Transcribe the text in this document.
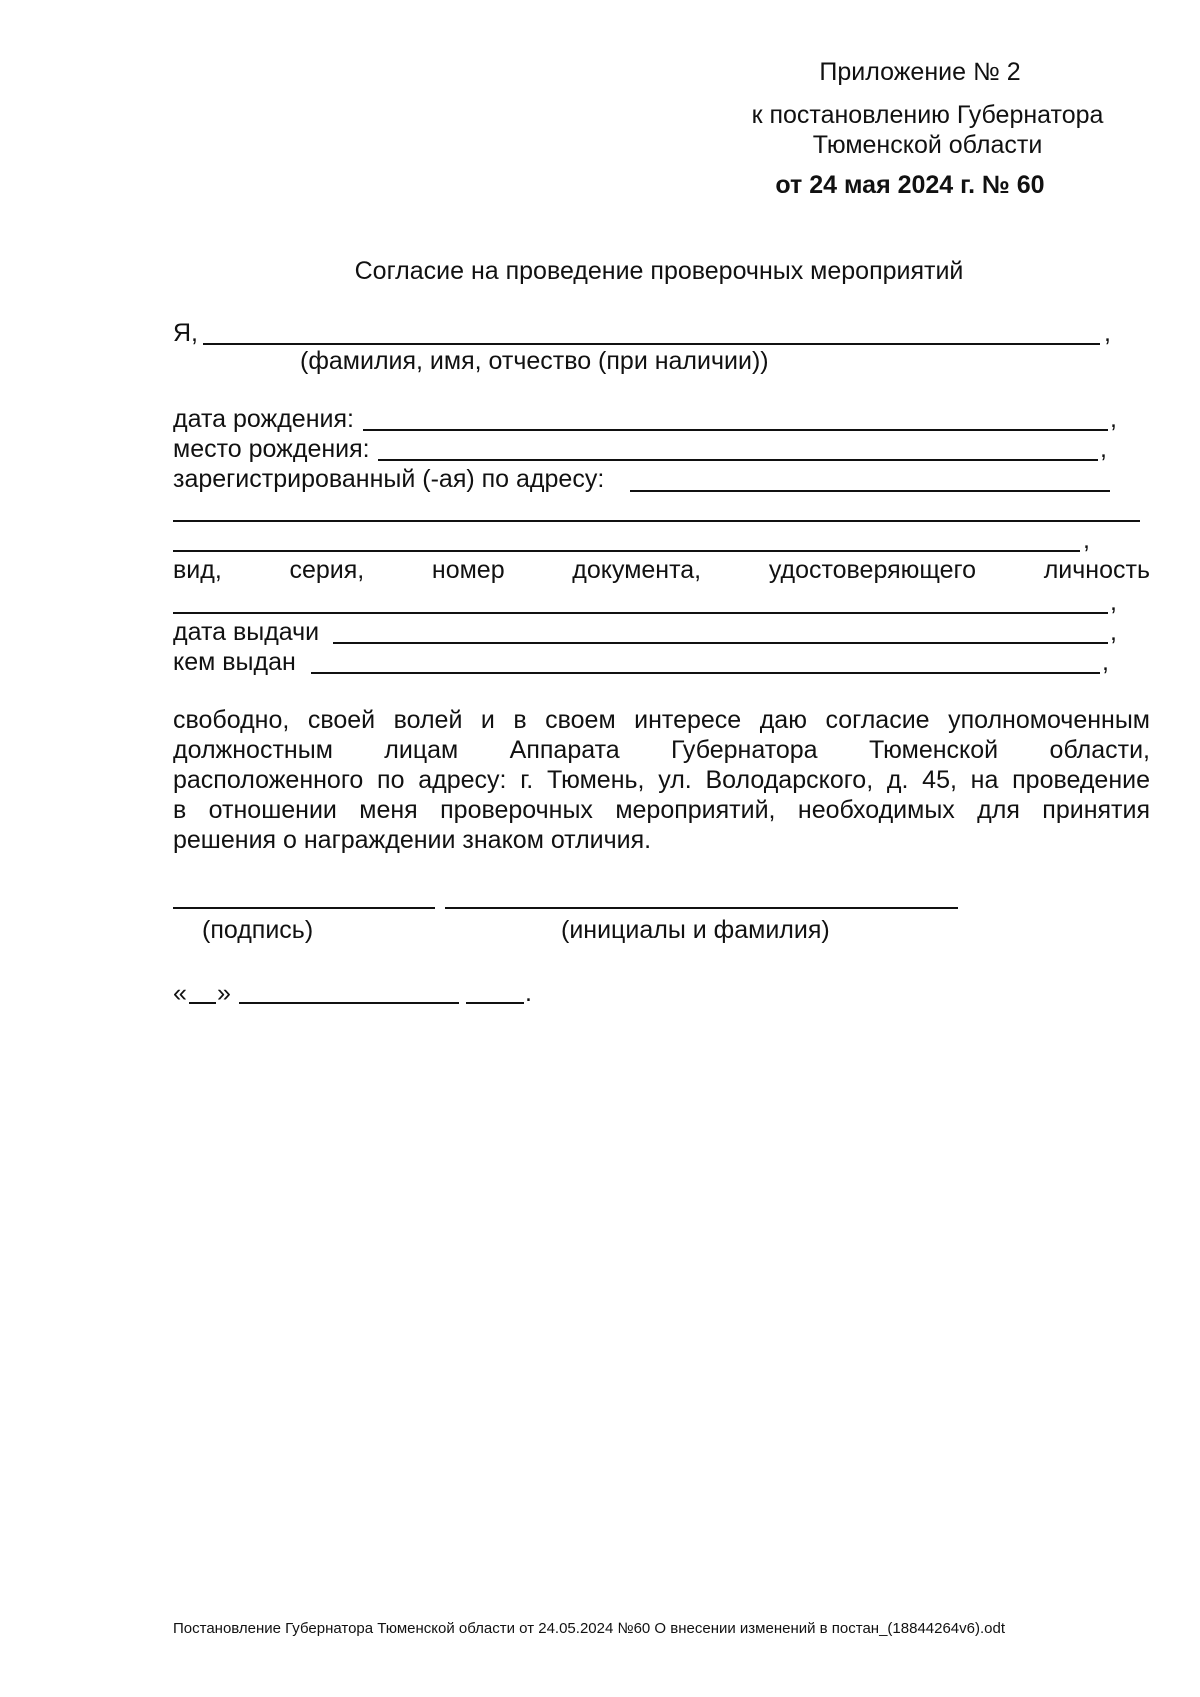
Приложение № 2
к постановлению Губернатора
Тюменской области
от 24 мая 2024 г. № 60
Согласие на проведение проверочных мероприятий
Я,	,
(фамилия, имя, отчество (при наличии))
дата рождения:	,
место рождения:	,
зарегистрированный (-ая) по адресу:
,
вид,	серия,	номер	документа,	удостоверяющего	личность
,
дата выдачи	,
кем выдан	,
свободно, своей волей и в своем интересе даю согласие уполномоченным
должностным лицам Аппарата Губернатора Тюменской области,
расположенного по адресу: г. Тюмень, ул. Володарского, д. 45, на проведение
в отношении меня проверочных мероприятий, необходимых для принятия
решения о награждении знаком отличия.
(подпись)	(инициалы и фамилия)
« »	.
Постановление Губернатора Тюменской области от 24.05.2024 №60 О внесении изменений в постан_(18844264v6).odt
